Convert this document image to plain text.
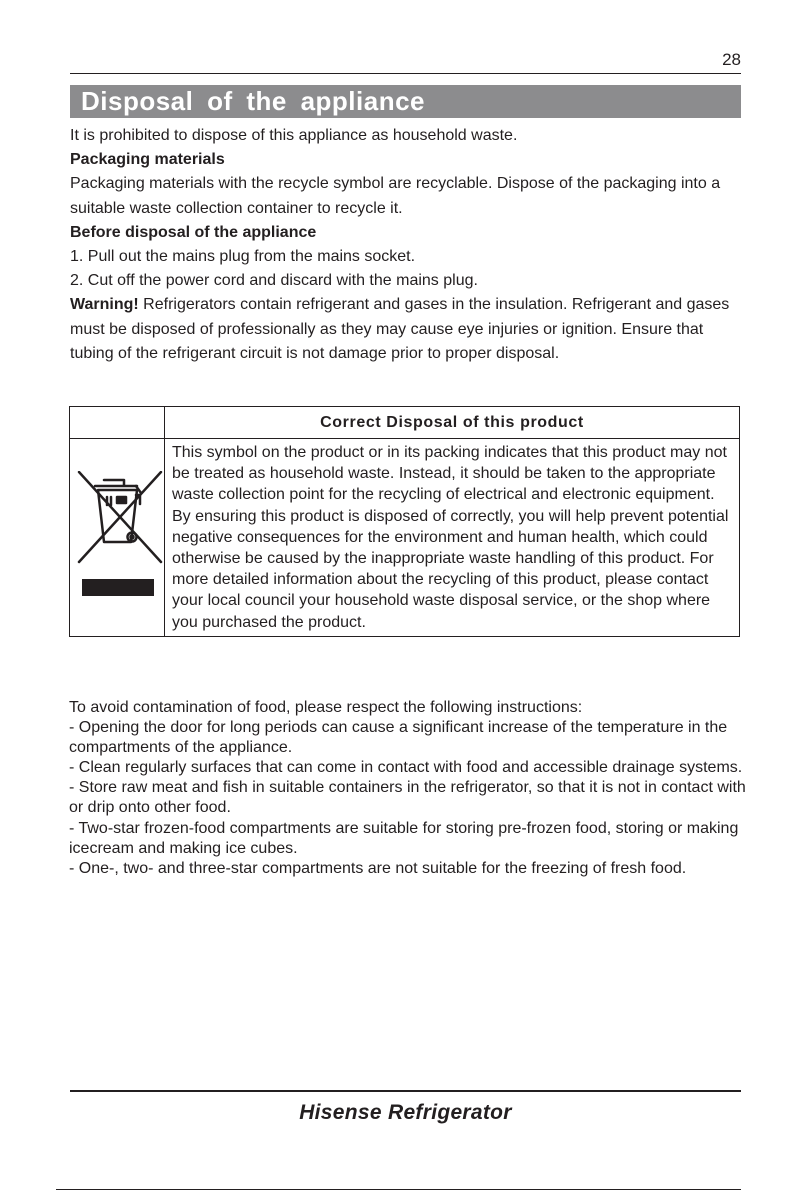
28
Disposal of the appliance

It is prohibited to dispose of this appliance as household waste.

Packaging materials

Packaging materials with the recycle symbol are recyclable. Dispose of the packaging into a suitable waste collection container to recycle it.

Before disposal of the appliance

1. Pull out the mains plug from the mains socket.

2. Cut off the power cord and discard with the mains plug.

Warning! Refrigerators contain refrigerant and gases in the insulation. Refrigerant and gases must be disposed of professionally as they may cause eye injuries or ignition. Ensure that tubing of the refrigerant circuit is not damage prior to proper disposal.

	Correct Disposal of this product
	This symbol on the product or in its packing indicates that this product may not be treated as household waste. Instead, it should be taken to the appropriate waste collection point for the recycling of electrical and electronic equipment. By ensuring this product is disposed of correctly, you will help prevent potential negative consequences for the environment and human health, which could otherwise be caused by the inappropriate waste handling of this product. For more detailed information about the recycling of this product, please contact your local council your household waste disposal service, or the shop where you purchased the product.

To avoid contamination of food, please respect the following instructions:

- Opening the door for long periods can cause a significant increase of the temperature in the compartments of the appliance.

- Clean regularly surfaces that can come in contact with food and accessible drainage systems.

- Store raw meat and fish in suitable containers in the refrigerator, so that it is not in contact with or drip onto other food.

- Two-star frozen-food compartments are suitable for storing pre-frozen food, storing or making icecream and making ice cubes.

- One-, two- and three-star compartments are not suitable for the freezing of fresh food.

Hisense Refrigerator
